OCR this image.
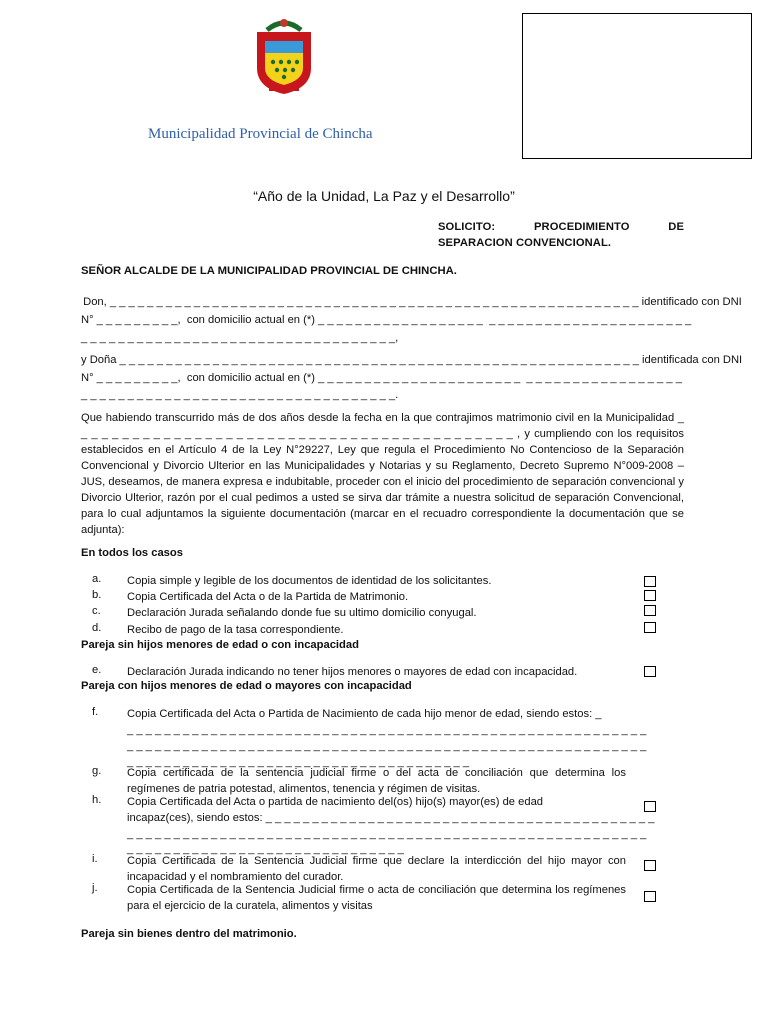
Municipalidad Provincial de Chincha
“Año de la Unidad, La Paz y el Desarrollo”
SOLICITO: PROCEDIMIENTO DE SEPARACION CONVENCIONAL.
SEÑOR ALCALDE DE LA MUNICIPALIDAD PROVINCIAL DE CHINCHA.
Don, _ _ _ _ _ _ _ _ _ _ _ _ _ _ _ _ _ _ _ _ _ _ _ _ _ _ _ _ _ _ _ _ _ _ _ _ _ _ _ _ _ _ _ _ _ _ _ _ _ _ _ _ _ _ _ _ _ identificado con DNI
N° _ _ _ _ _ _ _ _ _,  con domicilio actual en (*) _ _ _ _ _ _ _ _ _ _ _ _ _ _ _ _ _ _  _ _ _ _ _ _ _ _ _ _ _ _ _ _ _ _ _ _ _ _ _ _
_ _ _ _ _ _ _ _ _ _ _ _ _ _ _ _ _ _ _ _ _ _ _ _ _ _ _ _ _ _ _ _ _ _,
y Doña _ _ _ _ _ _ _ _ _ _ _ _ _ _ _ _ _ _ _ _ _ _ _ _ _ _ _ _ _ _ _ _ _ _ _ _ _ _ _ _ _ _ _ _ _ _ _ _ _ _ _ _ _ _ _ _ identificada con DNI
N° _ _ _ _ _ _ _ _ _,  con domicilio actual en (*) _ _ _ _ _ _ _ _ _ _ _ _ _ _ _ _ _ _ _ _ _ _  _ _ _ _ _ _ _ _ _ _ _ _ _ _ _ _ _
_ _ _ _ _ _ _ _ _ _ _ _ _ _ _ _ _ _ _ _ _ _ _ _ _ _ _ _ _ _ _ _ _ _.
Que habiendo transcurrido más de dos años desde la fecha en la que contrajimos matrimonio civil en la Municipalidad _ _ _ _ _ _ _ _ _ _ _ _ _ _ _ _ _ _ _ _ _ _ _ _ _ _ _ _ _ _ _ _ _ _ _ _ _ _ _ _ _ _ _ , y cumpliendo con los requisitos establecidos en el Artículo 4 de la Ley N°29227, Ley que regula el Procedimiento No Contencioso de la Separación Convencional y Divorcio Ulterior en las Municipalidades y Notarias y su Reglamento, Decreto Supremo N°009-2008 – JUS, deseamos, de manera expresa e indubitable, proceder con el inicio del procedimiento de separación convencional y Divorcio Ulterior, razón por el cual pedimos a usted se sirva dar trámite a nuestra solicitud de separación Convencional, para lo cual adjuntamos la siguiente documentación (marcar en el recuadro correspondiente la documentación que se adjunta):
En todos los casos
a. Copia simple y legible de los documentos de identidad de los solicitantes.
b. Copia Certificada del Acta o de la Partida de Matrimonio.
c. Declaración Jurada señalando donde fue su ultimo domicilio conyugal.
d. Recibo de pago de la tasa correspondiente.
Pareja sin hijos menores de edad o con incapacidad
e. Declaración Jurada indicando no tener hijos menores o mayores de edad con incapacidad.
Pareja con hijos menores de edad o mayores con incapacidad
f.	Copia Certificada del Acta o Partida de Nacimiento de cada hijo menor de edad, siendo estos: _
_ _ _ _ _ _ _ _ _ _ _ _ _ _ _ _ _ _ _ _ _ _ _ _ _ _ _ _ _ _ _ _ _ _ _ _ _ _ _ _ _ _ _ _ _ _ _ _ _ _ _ _ _ _ _ _
_ _ _ _ _ _ _ _ _ _ _ _ _ _ _ _ _ _ _ _ _ _ _ _ _ _ _ _ _ _ _ _ _ _ _ _ _ _ _ _ _ _ _ _ _ _ _ _ _ _ _ _ _ _ _ _
_ _ _ _ _ _ _ _ _ _ _ _ _ _ _ _ _ _ _ _ _ _ _ _ _ _ _ _ _ _ _ _ _ _ _ _ _
g. Copia certificada de la sentencia judicial firme o del acta de conciliación que determina los regímenes de patria potestad, alimentos, tenencia y régimen de visitas.
h. Copia Certificada del Acta o partida de nacimiento del(os) hijo(s) mayor(es) de edad
incapaz(ces), siendo estos: _ _ _ _ _ _ _ _ _ _ _ _ _ _ _ _ _ _ _ _ _ _ _ _ _ _ _ _ _ _ _ _ _ _ _ _ _ _ _ _ _ _
_ _ _ _ _ _ _ _ _ _ _ _ _ _ _ _ _ _ _ _ _ _ _ _ _ _ _ _ _ _ _ _ _ _ _ _ _ _ _ _ _ _ _ _ _ _ _ _ _ _ _ _ _ _ _ _
_ _ _ _ _ _ _ _ _ _ _ _ _ _ _ _ _ _ _ _ _ _ _ _ _ _ _ _ _ _
i.	Copia Certificada de la Sentencia Judicial firme que declare la interdicción del hijo mayor con incapacidad y el nombramiento del curador.
j.	Copia Certificada de la Sentencia Judicial firme o acta de conciliación que determina los regímenes para el ejercicio de la curatela, alimentos y visitas
Pareja sin bienes dentro del matrimonio.
